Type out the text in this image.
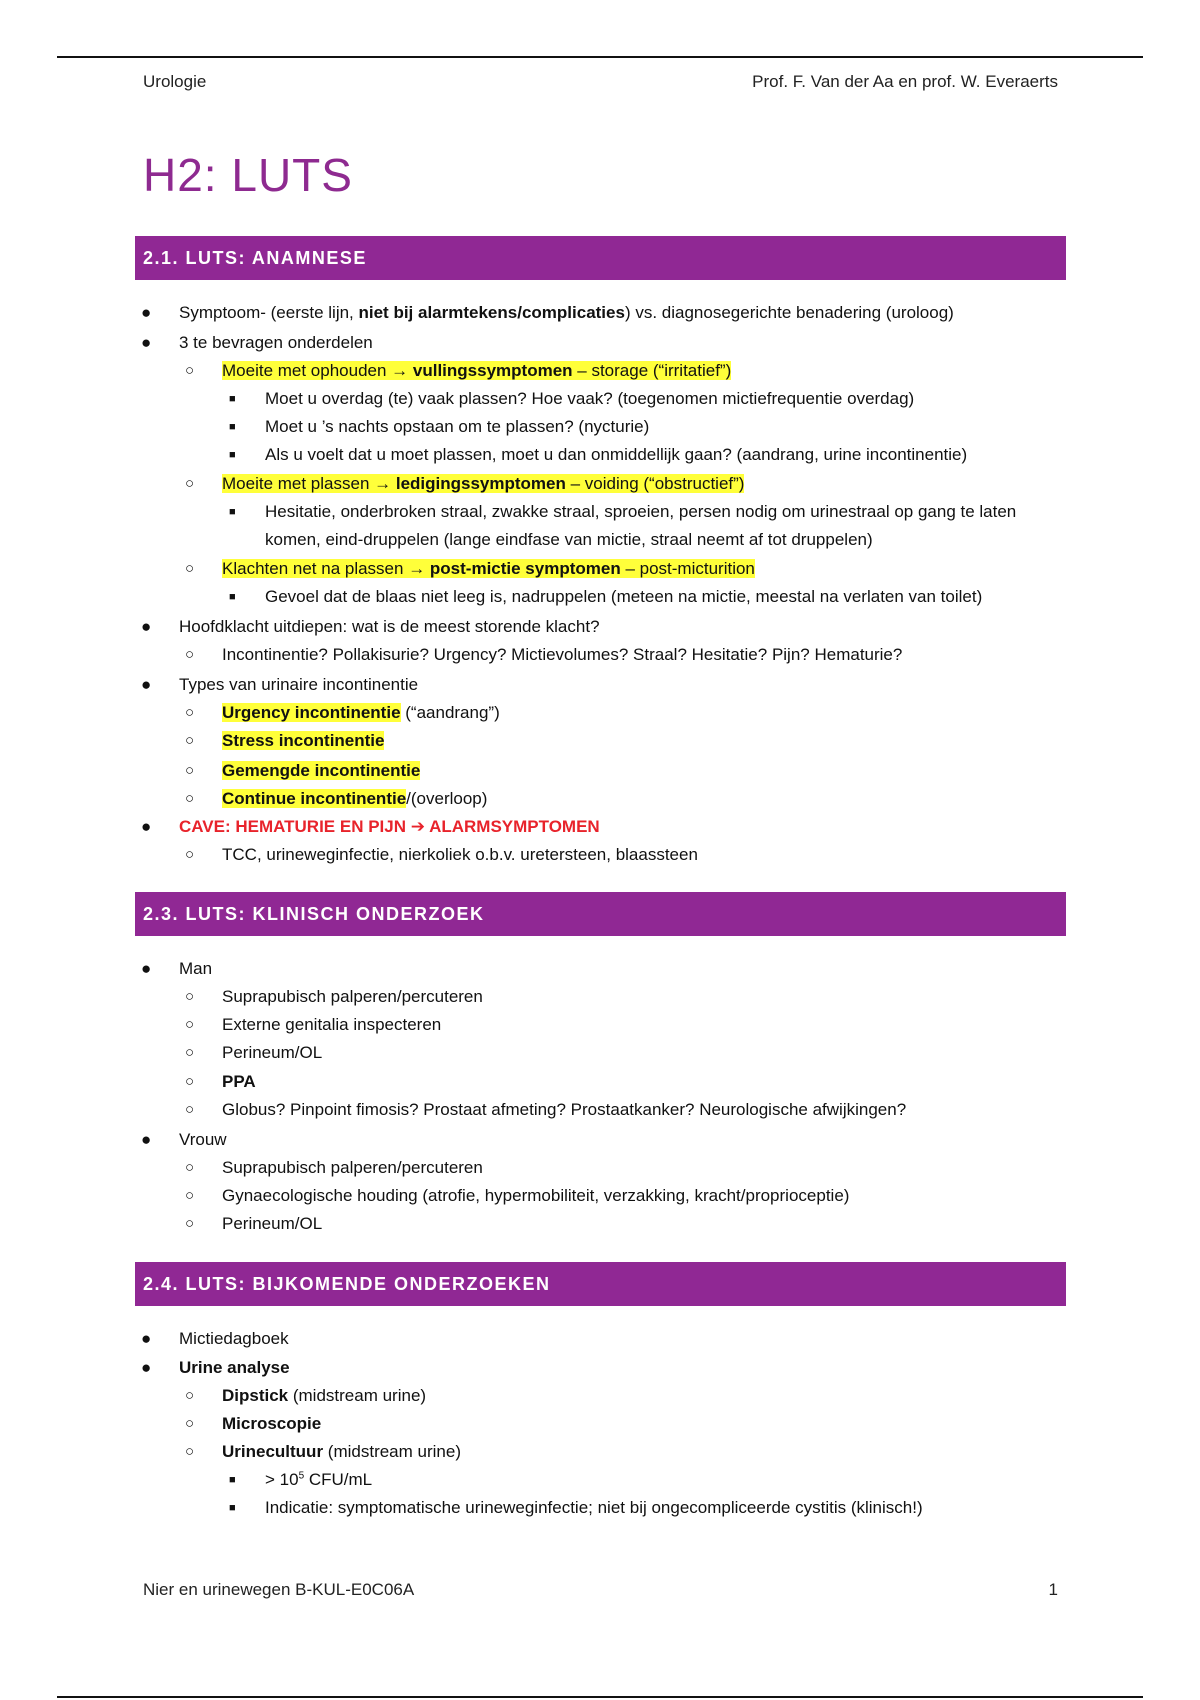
Urologie	Prof. F. Van der Aa en prof. W. Everaerts
H2: LUTS
2.1. LUTS: ANAMNESE
● Symptoom- (eerste lijn, niet bij alarmtekens/complicaties) vs. diagnosegerichte benadering (uroloog)
● 3 te bevragen onderdelen
○ Moeite met ophouden → vullingssymptomen – storage (“irritatief”)
■ Moet u overdag (te) vaak plassen? Hoe vaak? (toegenomen mictiefrequentie overdag)
■ Moet u ’s nachts opstaan om te plassen? (nycturie)
■ Als u voelt dat u moet plassen, moet u dan onmiddellijk gaan? (aandrang, urine incontinentie)
○ Moeite met plassen → ledigingssymptomen – voiding (“obstructief”)
■ Hesitatie, onderbroken straal, zwakke straal, sproeien, persen nodig om urinestraal op gang te laten komen, eind-druppelen (lange eindfase van mictie, straal neemt af tot druppelen)
○ Klachten net na plassen → post-mictie symptomen – post-micturition
■ Gevoel dat de blaas niet leeg is, nadruppelen (meteen na mictie, meestal na verlaten van toilet)
● Hoofdklacht uitdiepen: wat is de meest storende klacht?
○ Incontinentie? Pollakisurie? Urgency? Mictievolumes? Straal? Hesitatie? Pijn? Hematurie?
● Types van urinaire incontinentie
○ Urgency incontinentie (“aandrang”)
○ Stress incontinentie
○ Gemengde incontinentie
○ Continue incontinentie/(overloop)
● CAVE: HEMATURIE EN PIJN ➔ ALARMSYMPTOMEN
○ TCC, urineweginfectie, nierkoliek o.b.v. uretersteen, blaassteen
2.3. LUTS: KLINISCH ONDERZOEK
● Man
○ Suprapubisch palperen/percuteren
○ Externe genitalia inspecteren
○ Perineum/OL
○ PPA
○ Globus? Pinpoint fimosis? Prostaat afmeting? Prostaatkanker? Neurologische afwijkingen?
● Vrouw
○ Suprapubisch palperen/percuteren
○ Gynaecologische houding (atrofie, hypermobiliteit, verzakking, kracht/proprioceptie)
○ Perineum/OL
2.4. LUTS: BIJKOMENDE ONDERZOEKEN
● Mictiedagboek
● Urine analyse
○ Dipstick (midstream urine)
○ Microscopie
○ Urinecultuur (midstream urine)
■ > $10^5$ CFU/mL
■ Indicatie: symptomatische urineweginfectie; niet bij ongecompliceerde cystitis (klinisch!)
Nier en urinewegen B-KUL-E0C06A	1
